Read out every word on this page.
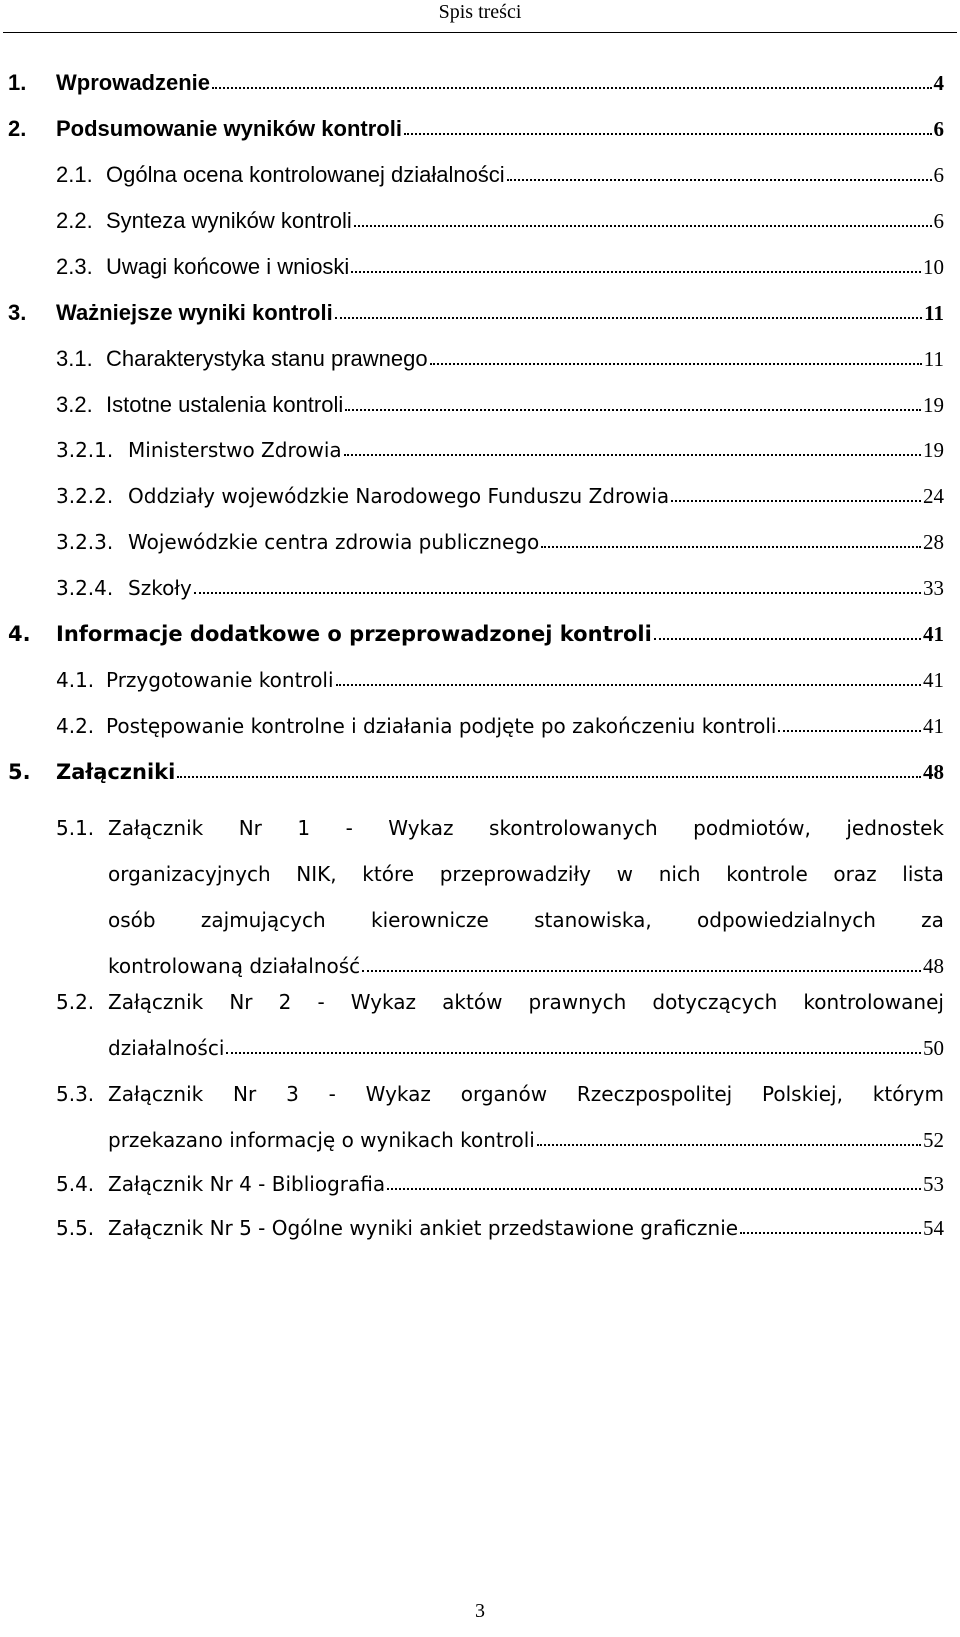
Spis treści
1. Wprowadzenie	4
2. Podsumowanie wyników kontroli	6
2.1. Ogólna ocena kontrolowanej działalności	6
2.2. Synteza wyników kontroli	6
2.3. Uwagi końcowe i wnioski	10
3. Ważniejsze wyniki kontroli	11
3.1. Charakterystyka stanu prawnego	11
3.2. Istotne ustalenia kontroli	19
3.2.1. Ministerstwo Zdrowia	19
3.2.2. Oddziały wojewódzkie Narodowego Funduszu Zdrowia	24
3.2.3. Wojewódzkie centra zdrowia publicznego	28
3.2.4. Szkoły	33
4. Informacje dodatkowe o przeprowadzonej kontroli	41
4.1. Przygotowanie kontroli	41
4.2. Postępowanie kontrolne i działania podjęte po zakończeniu kontroli	41
5. Załączniki	48
5.1. Załącznik Nr 1 - Wykaz skontrolowanych podmiotów, jednostek
organizacyjnych NIK, które przeprowadziły w nich kontrole oraz lista
osób zajmujących kierownicze stanowiska, odpowiedzialnych za
kontrolowaną działalność	48
5.2. Załącznik Nr 2 - Wykaz aktów prawnych dotyczących kontrolowanej
działalności	50
5.3. Załącznik Nr 3 - Wykaz organów Rzeczpospolitej Polskiej, którym
przekazano informację o wynikach kontroli	52
5.4. Załącznik Nr 4 - Bibliografia	53
5.5. Załącznik Nr 5 - Ogólne wyniki ankiet przedstawione graficznie	54
3
